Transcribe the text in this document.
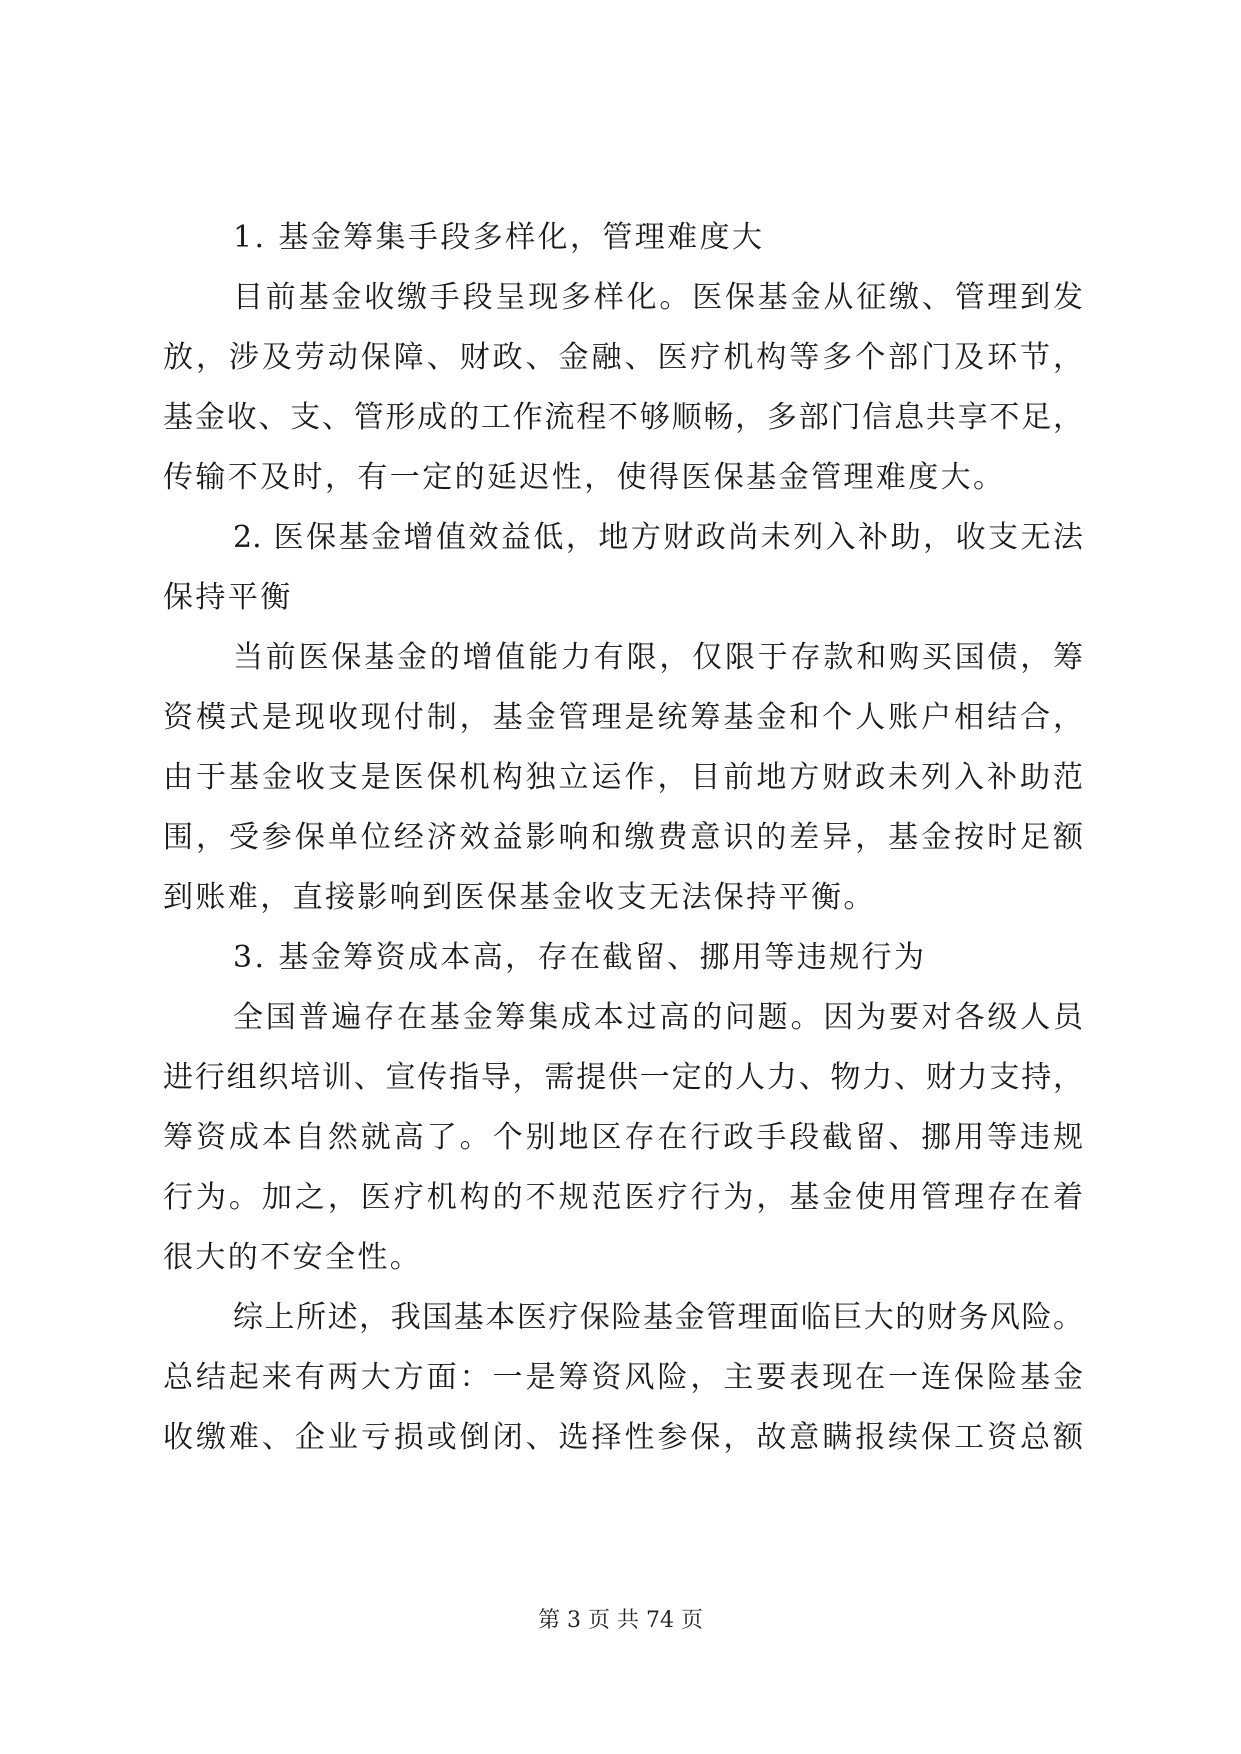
1. 基金筹集手段多样化，管理难度大
目前基金收缴手段呈现多样化。医保基金从征缴、管理到发
放，涉及劳动保障、财政、金融、医疗机构等多个部门及环节，
基金收、支、管形成的工作流程不够顺畅，多部门信息共享不足，
传输不及时，有一定的延迟性，使得医保基金管理难度大。
2. 医保基金增值效益低，地方财政尚未列入补助，收支无法
保持平衡
当前医保基金的增值能力有限，仅限于存款和购买国债，筹
资模式是现收现付制，基金管理是统筹基金和个人账户相结合，
由于基金收支是医保机构独立运作，目前地方财政未列入补助范
围，受参保单位经济效益影响和缴费意识的差异，基金按时足额
到账难，直接影响到医保基金收支无法保持平衡。
3. 基金筹资成本高，存在截留、挪用等违规行为
全国普遍存在基金筹集成本过高的问题。因为要对各级人员
进行组织培训、宣传指导，需提供一定的人力、物力、财力支持，
筹资成本自然就高了。个别地区存在行政手段截留、挪用等违规
行为。加之，医疗机构的不规范医疗行为，基金使用管理存在着
很大的不安全性。
综上所述，我国基本医疗保险基金管理面临巨大的财务风险。
总结起来有两大方面：一是筹资风险，主要表现在一连保险基金
收缴难、企业亏损或倒闭、选择性参保，故意瞒报续保工资总额
第 3 页 共 74 页
